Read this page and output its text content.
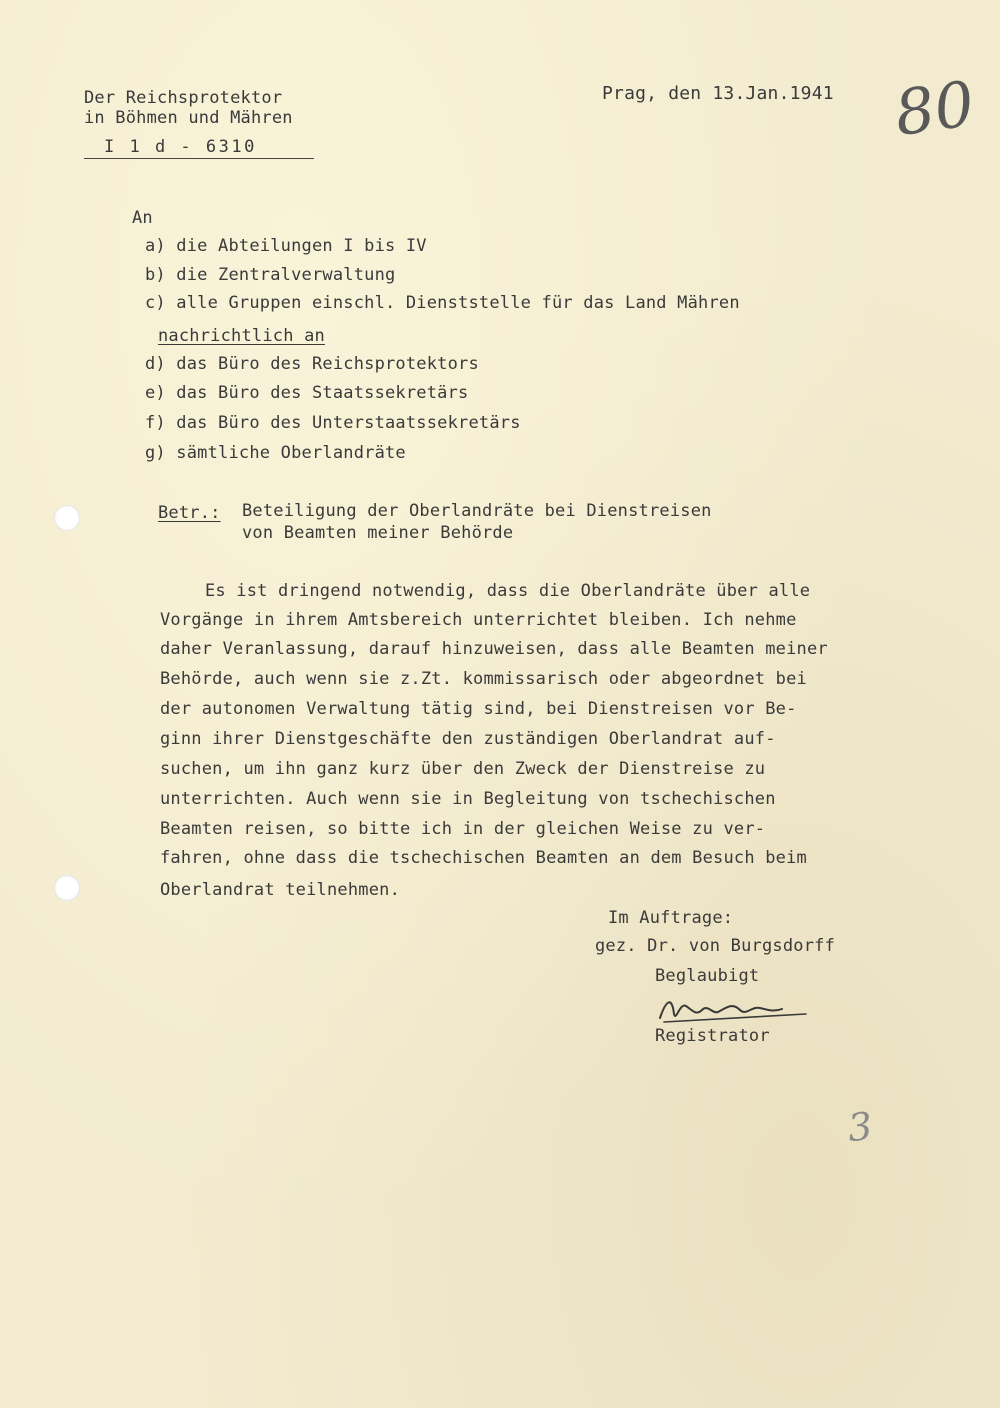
Der Reichsprotektor
in Böhmen und Mähren
I 1 d - 6310
Prag, den 13.Jan.1941 80
An
a) die Abteilungen I bis IV
b) die Zentralverwaltung
c) alle Gruppen einschl. Dienststelle für das Land Mähren
nachrichtlich an
d) das Büro des Reichsprotektors
e) das Büro des Staatssekretärs
f) das Büro des Unterstaatssekretärs
g) sämtliche Oberlandräte
Betr.: Beteiligung der Oberlandräte bei Dienstreisen
von Beamten meiner Behörde
Es ist dringend notwendig, dass die Oberlandräte über alle
Vorgänge in ihrem Amtsbereich unterrichtet bleiben. Ich nehme
daher Veranlassung, darauf hinzuweisen, dass alle Beamten meiner
Behörde, auch wenn sie z.Zt. kommissarisch oder abgeordnet bei
der autonomen Verwaltung tätig sind, bei Dienstreisen vor Be-
ginn ihrer Dienstgeschäfte den zuständigen Oberlandrat auf-
suchen, um ihn ganz kurz über den Zweck der Dienstreise zu
unterrichten. Auch wenn sie in Begleitung von tschechischen
Beamten reisen, so bitte ich in der gleichen Weise zu ver-
fahren, ohne dass die tschechischen Beamten an dem Besuch beim
Oberlandrat teilnehmen.
Im Auftrage:
gez. Dr. von Burgsdorff
Beglaubigt
Registrator
3
